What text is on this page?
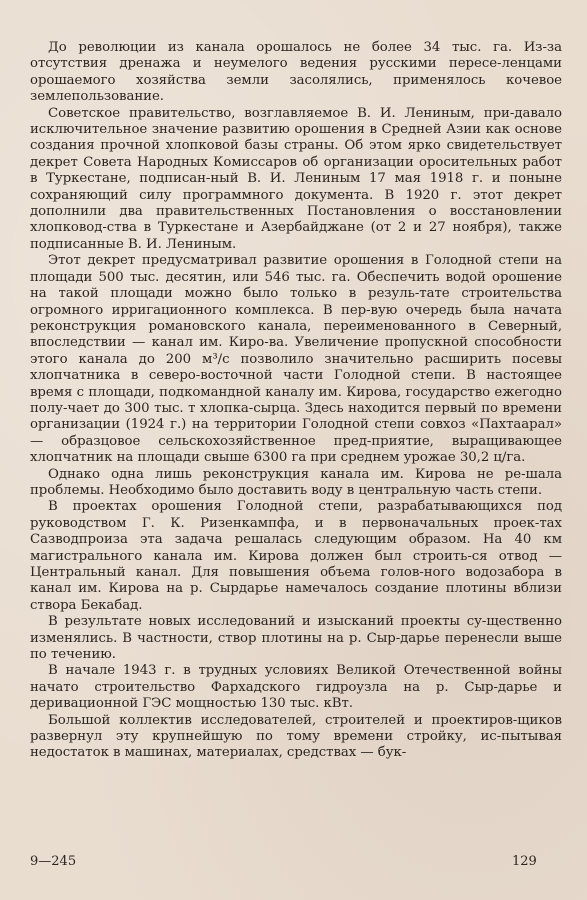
До революции из канала орошалось не более 34 тыс. га. Из-за отсутствия дренажа и неумелого ведения русскими пересе-ленцами орошаемого хозяйства земли засолялись, применялось кочевое землепользование.

Советское правительство, возглавляемое В. И. Лениным, при-давало исключительное значение развитию орошения в Средней Азии как основе создания прочной хлопковой базы страны. Об этом ярко свидетельствует декрет Совета Народных Комиссаров об организации оросительных работ в Туркестане, подписан-ный В. И. Лениным 17 мая 1918 г. и поныне сохраняющий силу программного документа. В 1920 г. этот декрет дополнили два правительственных Постановления о восстановлении хлопковод-ства в Туркестане и Азербайджане (от 2 и 27 ноября), также подписанные В. И. Лениным.

Этот декрет предусматривал развитие орошения в Голодной степи на площади 500 тыс. десятин, или 546 тыс. га. Обеспечить водой орошение на такой площади можно было только в резуль-тате строительства огромного ирригационного комплекса. В пер-вую очередь была начата реконструкция романовского канала, переименованного в Северный, впоследствии — канал им. Киро-ва. Увеличение пропускной способности этого канала до 200 м³/с позволило значительно расширить посевы хлопчатника в северо-восточной части Голодной степи. В настоящее время с площади, подкомандной каналу им. Кирова, государство ежегодно полу-чает до 300 тыс. т хлопка-сырца. Здесь находится первый по времени организации (1924 г.) на территории Голодной степи совхоз «Пахтаарал» — образцовое сельскохозяйственное пред-приятие, выращивающее хлопчатник на площади свыше 6300 га при среднем урожае 30,2 ц/га.

Однако одна лишь реконструкция канала им. Кирова не ре-шала проблемы. Необходимо было доставить воду в центральную часть степи.

В проектах орошения Голодной степи, разрабатывающихся под руководством Г. К. Ризенкампфа, и в первоначальных проек-тах Сазводпроиза эта задача решалась следующим образом. На 40 км магистрального канала им. Кирова должен был строить-ся отвод — Центральный канал. Для повышения объема голов-ного водозабора в канал им. Кирова на р. Сырдарье намечалось создание плотины вблизи створа Бекабад.

В результате новых исследований и изысканий проекты су-щественно изменялись. В частности, створ плотины на р. Сыр-дарье перенесли выше по течению.

В начале 1943 г. в трудных условиях Великой Отечественной войны начато строительство Фархадского гидроузла на р. Сыр-дарье и деривационной ГЭС мощностью 130 тыс. кВт.

Большой коллектив исследователей, строителей и проектиров-щиков развернул эту крупнейшую по тому времени стройку, ис-пытывая недостаток в машинах, материалах, средствах — бук-

9—245	129
